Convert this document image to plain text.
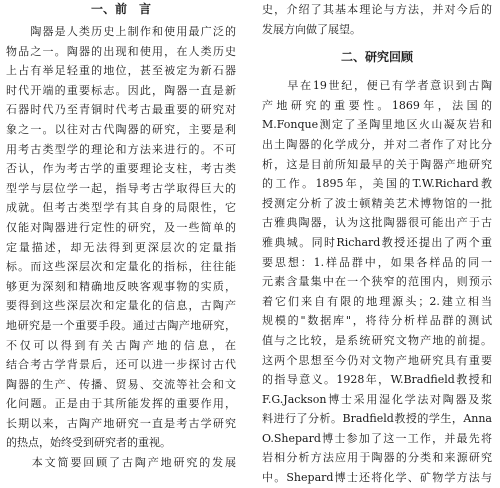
一、前　言
　　陶器是人类历史上制作和使用最广泛的
物品之一。陶器的出现和使用，在人类历史
上占有举足轻重的地位，甚至被定为新石器
时代开端的重要标志。因此，陶器一直是新
石器时代乃至青铜时代考古最重要的研究对
象之一。以往对古代陶器的研究，主要是利
用考古类型学的理论和方法来进行的。不可
否认，作为考古学的重要理论支柱，考古类
型学与层位学一起，指导考古学取得巨大的
成就。但考古类型学有其自身的局限性，它
仅能对陶器进行定性的研究，及一些简单的
定量描述，却无法得到更深层次的定量指
标。而这些深层次和定量化的指标，往往能
够更为深刻和精确地反映客观事物的实质，
要得到这些深层次和定量化的信息，古陶产
地研究是一个重要手段。通过古陶产地研究，
不仅可以得到有关古陶产地的信息，在
结合考古学背景后，还可以进一步探讨古代
陶器的生产、传播、贸易、交流等社会和文
化问题。正是由于其所能发挥的重要作用，
长期以来，古陶产地研究一直是考古学研究
的热点，始终受到研究者的重视。
　　本文简要回顾了古陶产地研究的发展
史，介绍了其基本理论与方法，并对今后的
发展方向做了展望。
二、研究回顾
　　早在19世纪，便已有学者意识到古陶
产地研究的重要性。1869年，法国的
M.Fonque测定了圣陶里地区火山凝灰岩和
出土陶器的化学成分，并对二者作了对比分
析，这是目前所知最早的关于陶器产地研究
的工作。1895年，美国的T.W.Richard教
授测定分析了波士顿精美艺术博物馆的一批
古雅典陶器，认为这批陶器很可能出产于古
雅典城。同时Richard教授还提出了两个重
要思想：1.样品群中，如果各样品的同一
元素含量集中在一个狭窄的范围内，则预示
着它们来自有限的地理源头；2.建立相当
规模的"数据库"，将待分析样品群的测试
值与之比较，是系统研究文物产地的前提。
这两个思想至今仍对文物产地研究具有重要
的指导意义。1928年，W.Bradfield教授和
F.G.Jackson博士采用湿化学法对陶器及浆
料进行了分析。Bradfield教授的学生，Anna
O.Shepard博士参加了这一工作，并最先将
岩相分析方法应用于陶器的分类和来源研究
中。Shepard博士还将化学、矿物学方法与
